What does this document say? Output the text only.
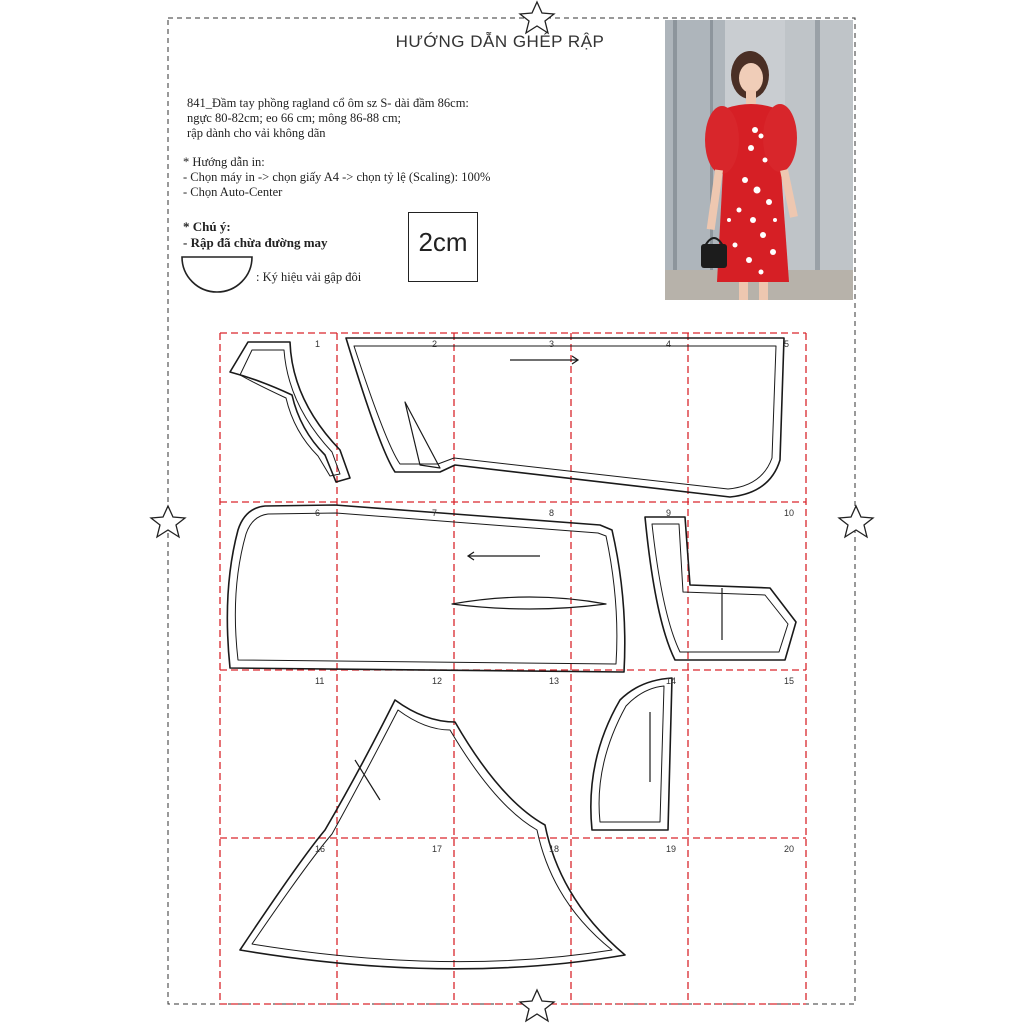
HƯỚNG DẪN GHÉP RẬP
841_Đầm tay phồng ragland cổ ôm sz S- dài đầm 86cm:
ngực 80-82cm; eo 66 cm; mông 86-88 cm;
rập dành cho vải không dãn
* Hướng dẫn in:
- Chọn máy in -> chọn giấy A4 -> chọn tỷ lệ (Scaling): 100%
- Chọn Auto-Center
* Chú ý:
- Rập đã chừa đường may
: Ký hiệu vải gập đôi
2cm
1	2	3	4	5
6	7	8	9	10
11	12	13	14	15
16	17	18	19	20
